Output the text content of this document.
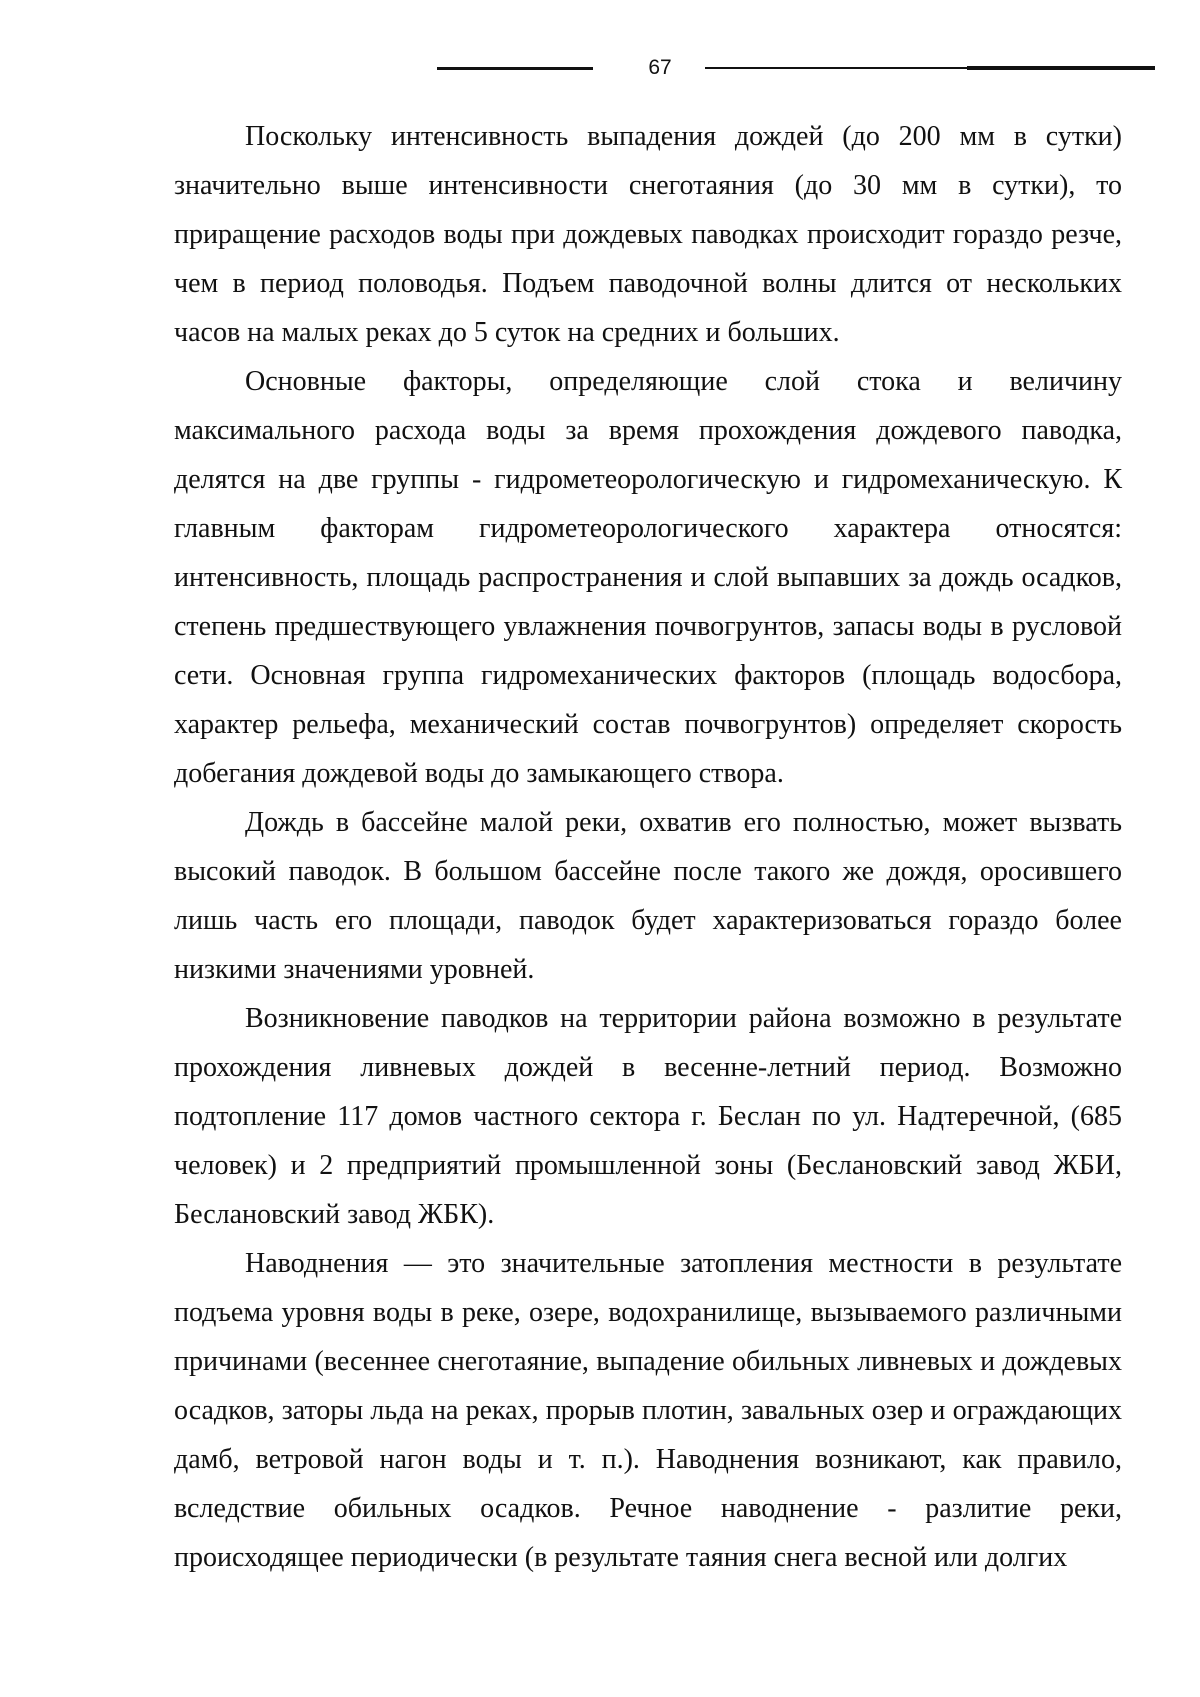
67

Поскольку интенсивность выпадения дождей (до 200 мм в сутки) значительно выше интенсивности снеготаяния (до 30 мм в сутки), то приращение расходов воды при дождевых паводках происходит гораздо резче, чем в период половодья. Подъем паводочной волны длится от нескольких часов на малых реках до 5 суток на средних и больших.

Основные факторы, определяющие слой стока и величину максимального расхода воды за время прохождения дождевого паводка, делятся на две группы - гидрометеорологическую и гидромеханическую. К главным факторам гидрометеорологического характера относятся: интенсивность, площадь распространения и слой выпавших за дождь осадков, степень предшествующего увлажнения почвогрунтов, запасы воды в русловой сети. Основная группа гидромеханических факторов (площадь водосбора, характер рельефа, механический состав почвогрунтов) определяет скорость добегания дождевой воды до замыкающего створа.

Дождь в бассейне малой реки, охватив его полностью, может вызвать высокий паводок. В большом бассейне после такого же дождя, оросившего лишь часть его площади, паводок будет характеризоваться гораздо более низкими значениями уровней.

Возникновение паводков на территории района возможно в результате прохождения ливневых дождей в весенне-летний период. Возможно подтопление 117 домов частного сектора г. Беслан по ул. Надтеречной, (685 человек) и 2 предприятий промышленной зоны (Беслановский завод ЖБИ, Беслановский завод ЖБК).

Наводнения — это значительные затопления местности в результате подъема уровня воды в реке, озере, водохранилище, вызываемого различными причинами (весеннее снеготаяние, выпадение обильных ливневых и дождевых осадков, заторы льда на реках, прорыв плотин, завальных озер и ограждающих дамб, ветровой нагон воды и т. п.). Наводнения возникают, как правило, вследствие обильных осадков. Речное наводнение - разлитие реки, происходящее периодически (в результате таяния снега весной или долгих
